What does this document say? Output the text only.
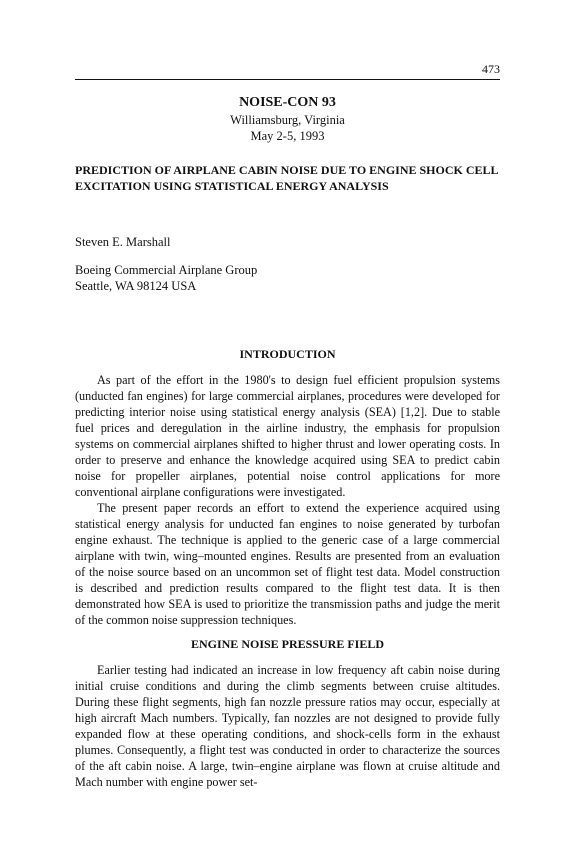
473
NOISE-CON 93
Williamsburg, Virginia
May 2-5, 1993
PREDICTION OF AIRPLANE CABIN NOISE DUE TO ENGINE SHOCK CELL EXCITATION USING STATISTICAL ENERGY ANALYSIS
Steven E. Marshall
Boeing Commercial Airplane Group
Seattle, WA 98124 USA
INTRODUCTION

As part of the effort in the 1980's to design fuel efficient propulsion systems (unducted fan engines) for large commercial airplanes, procedures were developed for predicting interior noise using statistical energy analysis (SEA) [1,2]. Due to stable fuel prices and deregulation in the airline industry, the emphasis for propulsion systems on commercial airplanes shifted to higher thrust and lower operating costs. In order to preserve and enhance the knowledge acquired using SEA to predict cabin noise for propeller airplanes, potential noise control applications for more conventional airplane configurations were investigated.

The present paper records an effort to extend the experience acquired using statistical energy analysis for unducted fan engines to noise generated by turbofan engine exhaust. The technique is applied to the generic case of a large commercial airplane with twin, wing–mounted engines. Results are presented from an evaluation of the noise source based on an uncommon set of flight test data. Model construction is described and prediction results compared to the flight test data. It is then demonstrated how SEA is used to prioritize the transmission paths and judge the merit of the common noise suppression techniques.

ENGINE NOISE PRESSURE FIELD

Earlier testing had indicated an increase in low frequency aft cabin noise during initial cruise conditions and during the climb segments between cruise altitudes. During these flight segments, high fan nozzle pressure ratios may occur, especially at high aircraft Mach numbers. Typically, fan nozzles are not designed to provide fully expanded flow at these operating conditions, and shock-cells form in the exhaust plumes. Consequently, a flight test was conducted in order to characterize the sources of the aft cabin noise. A large, twin–engine airplane was flown at cruise altitude and Mach number with engine power set-
